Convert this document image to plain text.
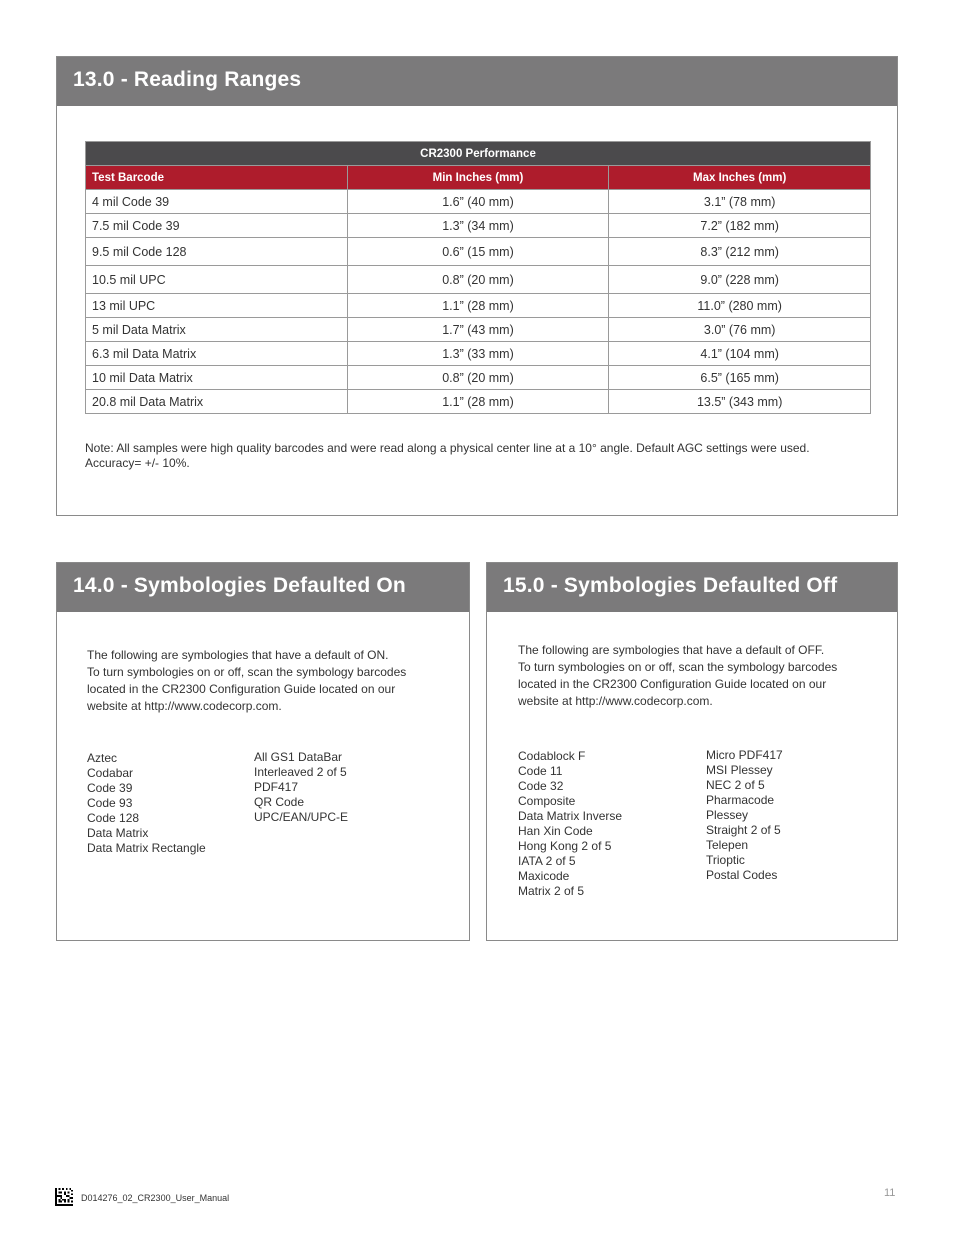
13.0 - Reading Ranges
CR2300 Performance		
Test Barcode	Min Inches (mm)	Max Inches (mm)
4 mil Code 39	1.6” (40 mm)	3.1” (78 mm)
7.5 mil Code 39	1.3” (34 mm)	7.2” (182 mm)
9.5 mil Code 128	0.6” (15 mm)	8.3” (212 mm)
10.5 mil UPC	0.8” (20 mm)	9.0” (228 mm)
13 mil UPC	1.1” (28 mm)	11.0” (280 mm)
5 mil Data Matrix	1.7” (43 mm)	3.0” (76 mm)
6.3 mil Data Matrix	1.3” (33 mm)	4.1” (104 mm)
10 mil Data Matrix	0.8” (20 mm)	6.5” (165 mm)
20.8 mil Data Matrix	1.1” (28 mm)	13.5” (343 mm)
Note: All samples were high quality barcodes and were read along a physical center line at a 10° angle. Default AGC settings were used.
Accuracy= +/- 10%.
14.0 - Symbologies Defaulted On
The following are symbologies that have a default of ON.
To turn symbologies on or off, scan the symbology barcodes
located in the CR2300 Configuration Guide located on our
website at http://www.codecorp.com.
Aztec
Codabar
Code 39
Code 93
Code 128
Data Matrix
Data Matrix Rectangle
All GS1 DataBar
Interleaved 2 of 5
PDF417
QR Code
UPC/EAN/UPC-E
15.0 - Symbologies Defaulted Off
The following are symbologies that have a default of OFF.
To turn symbologies on or off, scan the symbology barcodes
located in the CR2300 Configuration Guide located on our
website at http://www.codecorp.com.
Codablock F
Code 11
Code 32
Composite
Data Matrix Inverse
Han Xin Code
Hong Kong 2 of 5
IATA 2 of 5
Maxicode
Matrix 2 of 5
Micro PDF417
MSI Plessey
NEC 2 of 5
Pharmacode
Plessey
Straight 2 of 5
Telepen
Trioptic
Postal Codes
D014276_02_CR2300_User_Manual	11
